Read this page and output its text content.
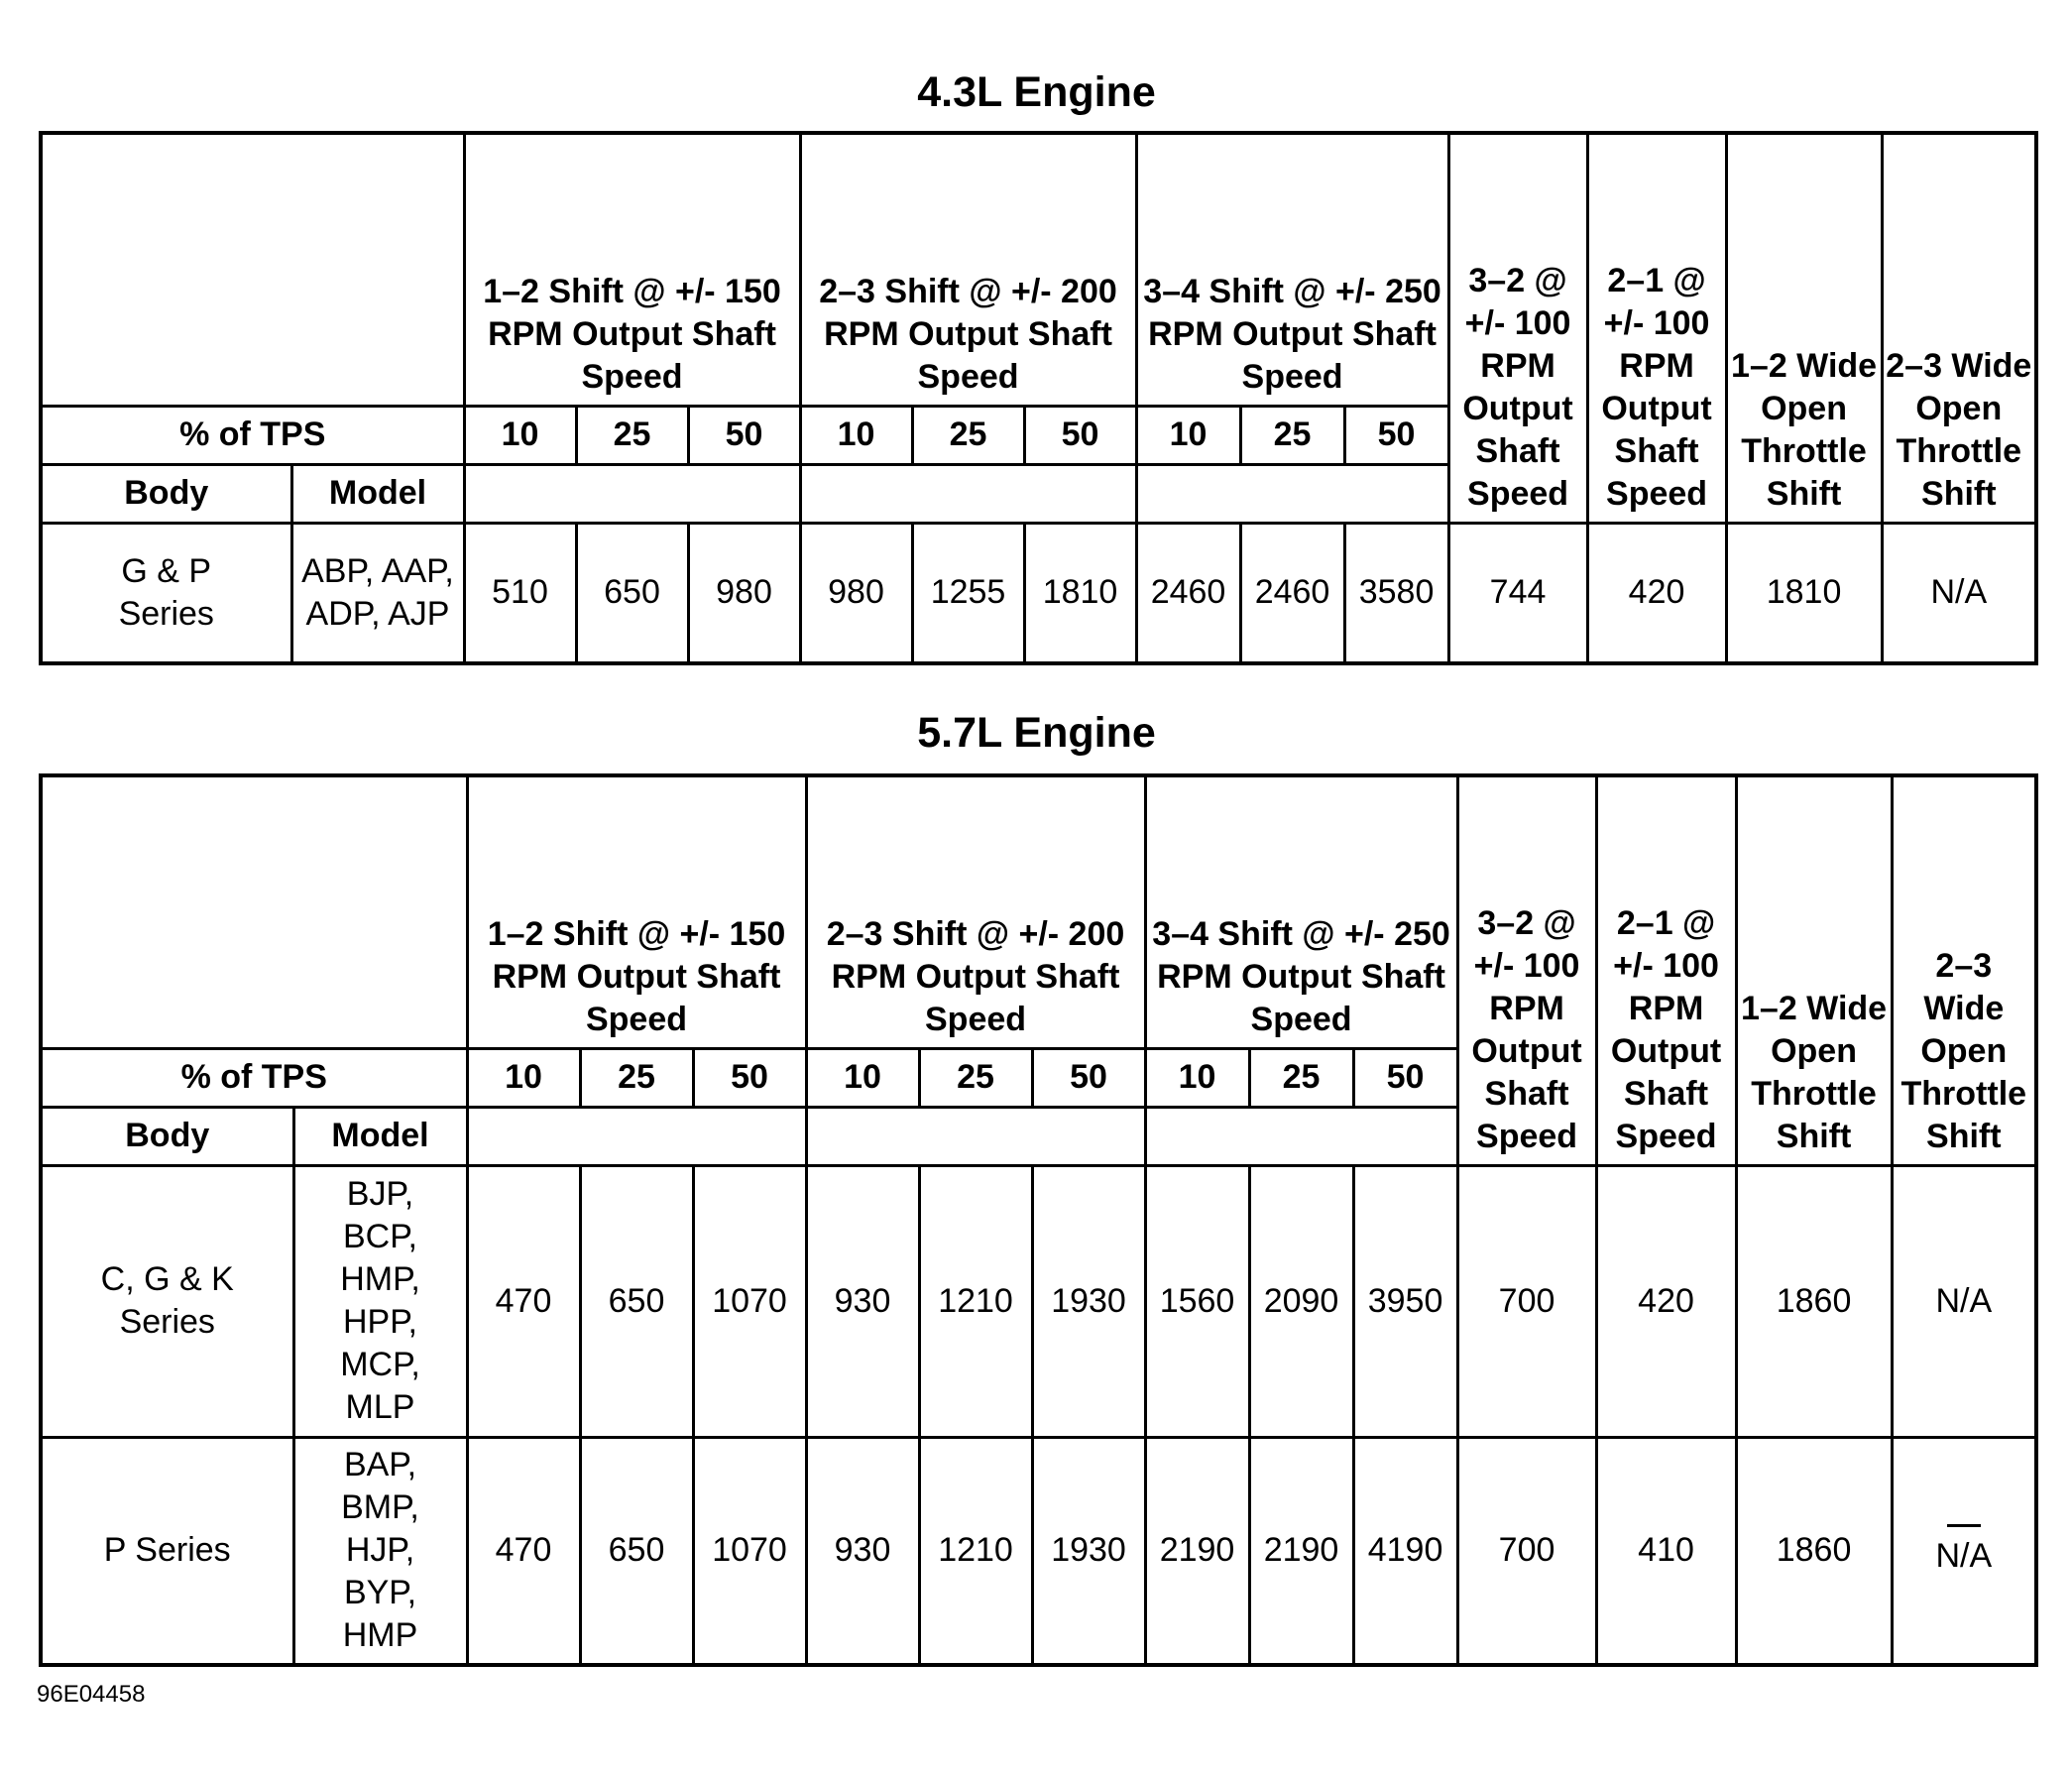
4.3L Engine
		1–2 Shift @ +/- 150 RPM Output Shaft Speed			2–3 Shift @ +/- 200 RPM Output Shaft Speed			3–4 Shift @ +/- 250 RPM Output Shaft Speed			3–2 @ +/- 100 RPM Output Shaft Speed	2–1 @ +/- 100 RPM Output Shaft Speed	1–2 Wide Open Throttle Shift	2–3 Wide Open Throttle Shift
% of TPS		10	25	50	10	25	50	10	25	50				
Body	Model													
G & P Series	ABP, AAP, ADP, AJP	510	650	980	980	1255	1810	2460	2460	3580	744	420	1810	N/A
5.7L Engine
		1–2 Shift @ +/- 150 RPM Output Shaft Speed			2–3 Shift @ +/- 200 RPM Output Shaft Speed			3–4 Shift @ +/- 250 RPM Output Shaft Speed			3–2 @ +/- 100 RPM Output Shaft Speed	2–1 @ +/- 100 RPM Output Shaft Speed	1–2 Wide Open Throttle Shift	2–3 Wide Open Throttle Shift
% of TPS		10	25	50	10	25	50	10	25	50				
Body	Model													
C, G & K Series	BJP, BCP, HMP, HPP, MCP, MLP	470	650	1070	930	1210	1930	1560	2090	3950	700	420	1860	N/A
P Series	BAP, BMP, HJP, BYP, HMP	470	650	1070	930	1210	1930	2190	2190	4190	700	410	1860	N/A
96E04458
